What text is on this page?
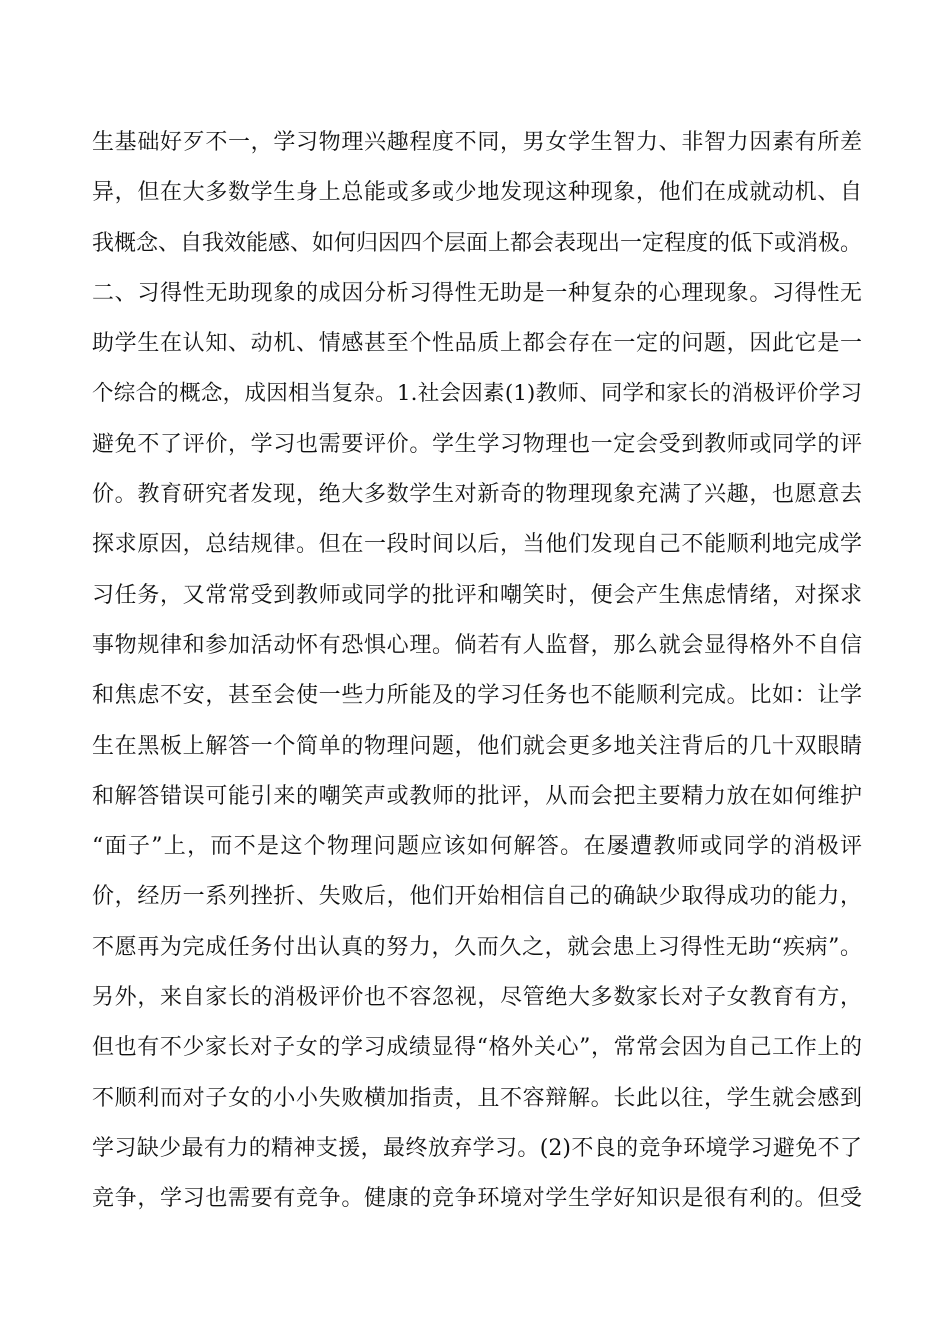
生基础好歹不一，学习物理兴趣程度不同，男女学生智力、非智力因素有所差
异，但在大多数学生身上总能或多或少地发现这种现象，他们在成就动机、自
我概念、自我效能感、如何归因四个层面上都会表现出一定程度的低下或消极。
二、习得性无助现象的成因分析习得性无助是一种复杂的心理现象。习得性无
助学生在认知、动机、情感甚至个性品质上都会存在一定的问题，因此它是一
个综合的概念，成因相当复杂。1.社会因素(1)教师、同学和家长的消极评价学习
避免不了评价，学习也需要评价。学生学习物理也一定会受到教师或同学的评
价。教育研究者发现，绝大多数学生对新奇的物理现象充满了兴趣，也愿意去
探求原因，总结规律。但在一段时间以后，当他们发现自己不能顺利地完成学
习任务，又常常受到教师或同学的批评和嘲笑时，便会产生焦虑情绪，对探求
事物规律和参加活动怀有恐惧心理。倘若有人监督，那么就会显得格外不自信
和焦虑不安，甚至会使一些力所能及的学习任务也不能顺利完成。比如：让学
生在黑板上解答一个简单的物理问题，他们就会更多地关注背后的几十双眼睛
和解答错误可能引来的嘲笑声或教师的批评，从而会把主要精力放在如何维护
“面子”上，而不是这个物理问题应该如何解答。在屡遭教师或同学的消极评
价，经历一系列挫折、失败后，他们开始相信自己的确缺少取得成功的能力，
不愿再为完成任务付出认真的努力，久而久之，就会患上习得性无助“疾病”。
另外，来自家长的消极评价也不容忽视，尽管绝大多数家长对子女教育有方，
但也有不少家长对子女的学习成绩显得“格外关心”，常常会因为自己工作上的
不顺利而对子女的小小失败横加指责，且不容辩解。长此以往，学生就会感到
学习缺少最有力的精神支援，最终放弃学习。(2)不良的竞争环境学习避免不了
竞争，学习也需要有竞争。健康的竞争环境对学生学好知识是很有利的。但受
